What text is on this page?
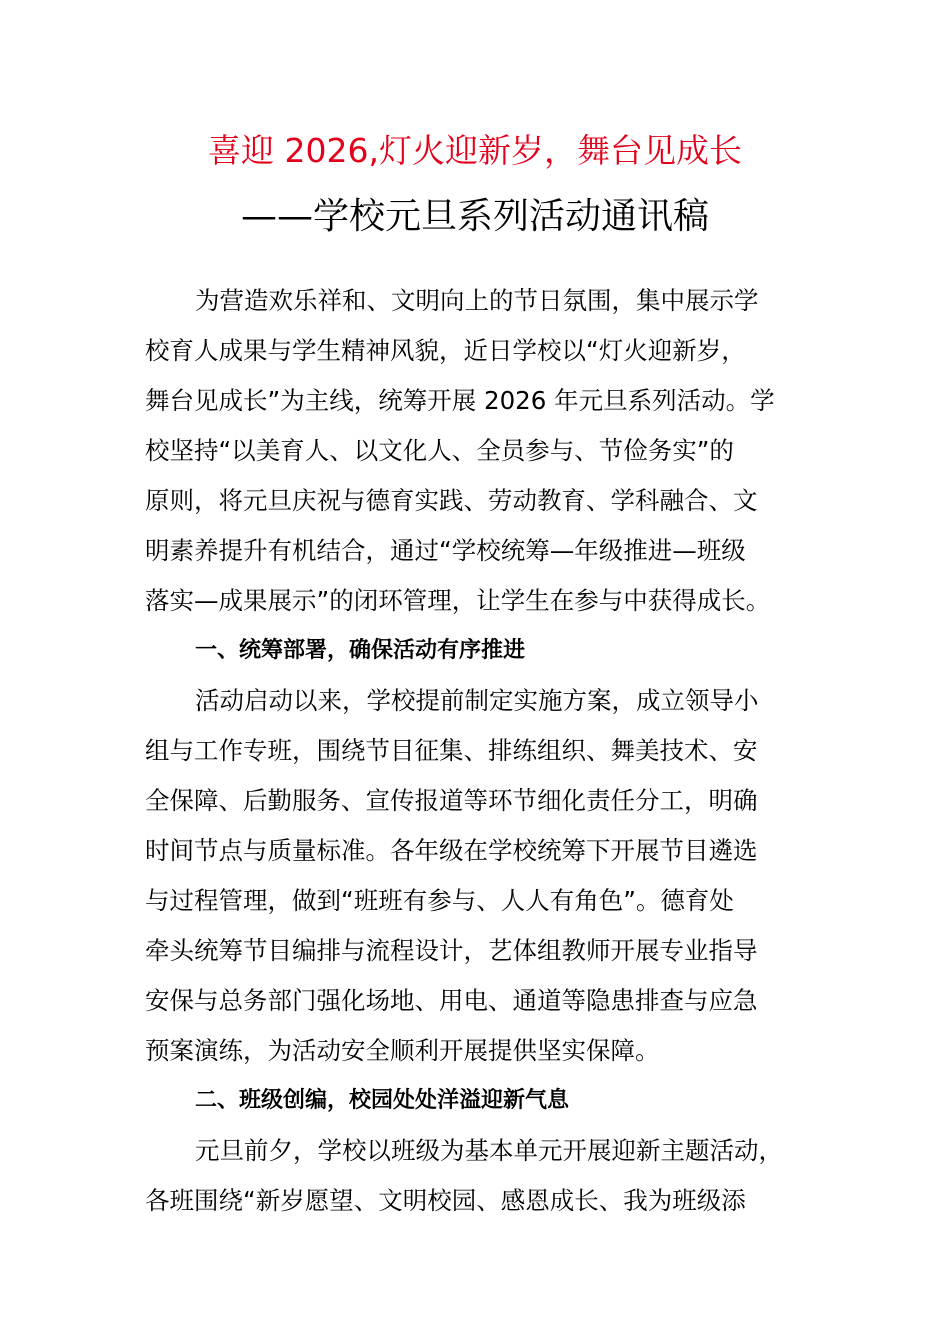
喜迎 2026,灯火迎新岁，舞台见成长
——学校元旦系列活动通讯稿
为营造欢乐祥和、文明向上的节日氛围，集中展示学
校育人成果与学生精神风貌，近日学校以“灯火迎新岁，
舞台见成长”为主线，统筹开展 2026 年元旦系列活动。学
校坚持“以美育人、以文化人、全员参与、节俭务实”的
原则，将元旦庆祝与德育实践、劳动教育、学科融合、文
明素养提升有机结合，通过“学校统筹—年级推进—班级
落实—成果展示”的闭环管理，让学生在参与中获得成长。
一、统筹部署，确保活动有序推进
活动启动以来，学校提前制定实施方案，成立领导小
组与工作专班，围绕节目征集、排练组织、舞美技术、安
全保障、后勤服务、宣传报道等环节细化责任分工，明确
时间节点与质量标准。各年级在学校统筹下开展节目遴选
与过程管理，做到“班班有参与、人人有角色”。德育处
牵头统筹节目编排与流程设计，艺体组教师开展专业指导
安保与总务部门强化场地、用电、通道等隐患排查与应急
预案演练，为活动安全顺利开展提供坚实保障。
二、班级创编，校园处处洋溢迎新气息
元旦前夕，学校以班级为基本单元开展迎新主题活动，
各班围绕“新岁愿望、文明校园、感恩成长、我为班级添
